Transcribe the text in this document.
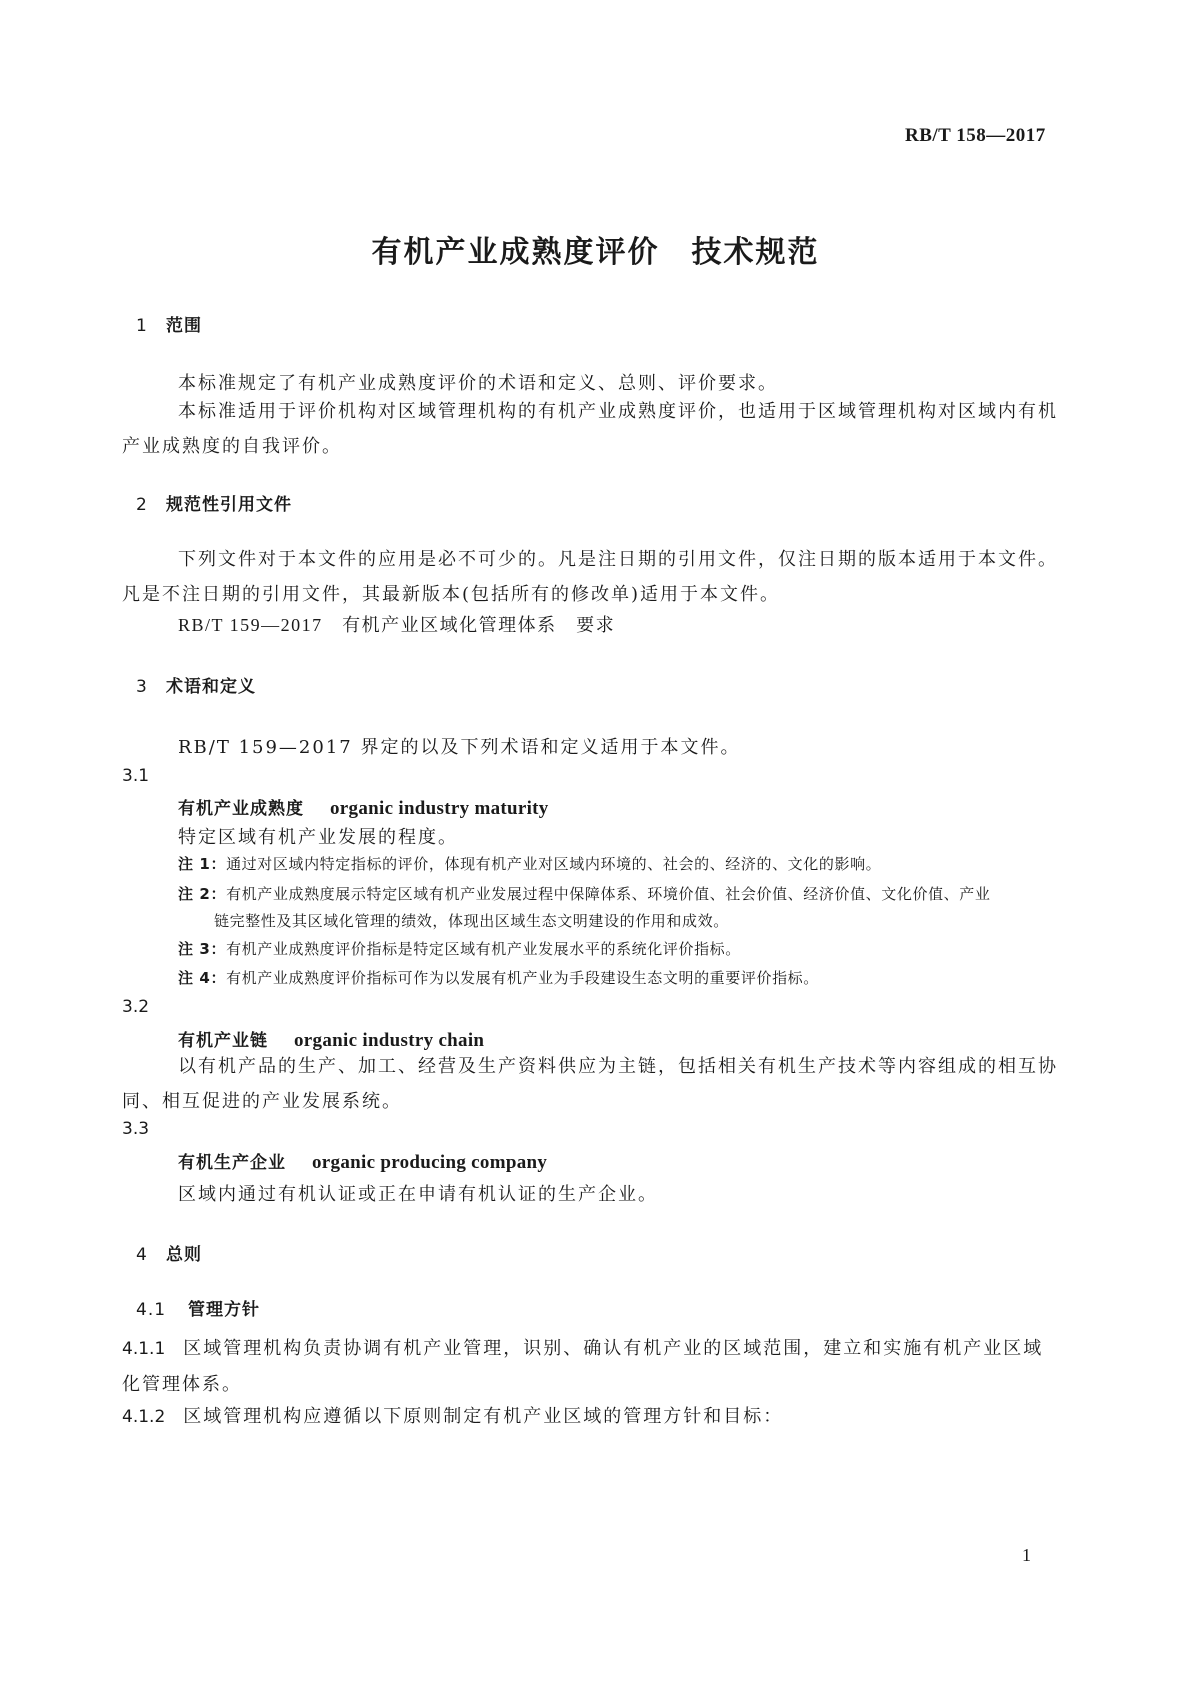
RB/T 158—2017
有机产业成熟度评价　技术规范
1 范围
本标准规定了有机产业成熟度评价的术语和定义、总则、评价要求。
本标准适用于评价机构对区域管理机构的有机产业成熟度评价，也适用于区域管理机构对区域内有机产业成熟度的自我评价。
2 规范性引用文件
下列文件对于本文件的应用是必不可少的。凡是注日期的引用文件，仅注日期的版本适用于本文件。凡是不注日期的引用文件，其最新版本(包括所有的修改单)适用于本文件。
RB/T 159—2017　有机产业区域化管理体系　要求
3 术语和定义
RB/T 159—2017 界定的以及下列术语和定义适用于本文件。
3.1
有机产业成熟度 organic industry maturity
特定区域有机产业发展的程度。
注 1：通过对区域内特定指标的评价，体现有机产业对区域内环境的、社会的、经济的、文化的影响。
注 2：有机产业成熟度展示特定区域有机产业发展过程中保障体系、环境价值、社会价值、经济价值、文化价值、产业
链完整性及其区域化管理的绩效，体现出区域生态文明建设的作用和成效。
注 3：有机产业成熟度评价指标是特定区域有机产业发展水平的系统化评价指标。
注 4：有机产业成熟度评价指标可作为以发展有机产业为手段建设生态文明的重要评价指标。
3.2
有机产业链 organic industry chain
以有机产品的生产、加工、经营及生产资料供应为主链，包括相关有机生产技术等内容组成的相互协同、相互促进的产业发展系统。
3.3
有机生产企业 organic producing company
区域内通过有机认证或正在申请有机认证的生产企业。
4 总则
4.1 管理方针
4.1.1 区域管理机构负责协调有机产业管理，识别、确认有机产业的区域范围，建立和实施有机产业区域化管理体系。
4.1.2 区域管理机构应遵循以下原则制定有机产业区域的管理方针和目标：
1
